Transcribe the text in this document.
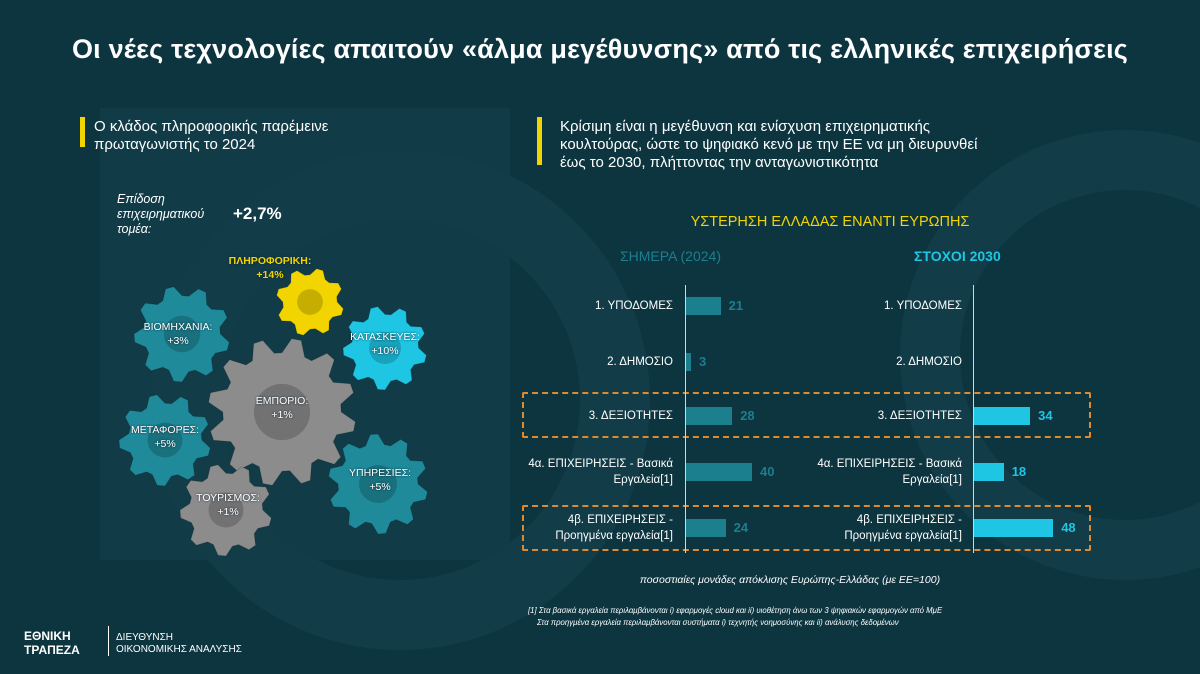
Οι νέες τεχνολογίες απαιτούν «άλμα μεγέθυνσης» από τις ελληνικές επιχειρήσεις
Ο κλάδος πληροφορικής παρέμεινε
πρωταγωνιστής το 2024
Κρίσιμη είναι η μεγέθυνση και ενίσχυση επιχειρηματικής
κουλτούρας, ώστε το ψηφιακό κενό με την ΕΕ να μη διευρυνθεί
έως το 2030, πλήττοντας την ανταγωνιστικότητα
Επίδοση
επιχειρηματικού
τομέα:
+2,7%
ΠΛΗΡΟΦΟΡΙΚΗ:
+14%
ΒΙΟΜΗΧΑΝΙΑ:
+3%	ΚΑΤΑΣΚΕΥΕΣ:
+10%
ΕΜΠΟΡΙΟ:
+1%
ΜΕΤΑΦΟΡΕΣ:
+5%
ΥΠΗΡΕΣΙΕΣ:
+5%
ΤΟΥΡΙΣΜΟΣ:
+1%
ΥΣΤΕΡΗΣΗ ΕΛΛΑΔΑΣ ΕΝΑΝΤΙ ΕΥΡΩΠΗΣ
ΣΗΜΕΡΑ (2024)	ΣΤΟΧΟΙ 2030
1. ΥΠΟΔΟΜΕΣ	21
2. ΔΗΜΟΣΙΟ 3
3. ΔΕΞΙΟΤΗΤΕΣ	28
4α. ΕΠΙΧΕΙΡΗΣΕΙΣ - Βασικά
Εργαλεία[1]
40
4β. ΕΠΙΧΕΙΡΗΣΕΙΣ -
Προηγμένα εργαλεία[1]
24
1. ΥΠΟΔΟΜΕΣ
2. ΔΗΜΟΣΙΟ
3. ΔΕΞΙΟΤΗΤΕΣ	34
4α. ΕΠΙΧΕΙΡΗΣΕΙΣ - Βασικά
Εργαλεία[1]
18
4β. ΕΠΙΧΕΙΡΗΣΕΙΣ -
Προηγμένα εργαλεία[1]
48
ποσοστιαίες μονάδες απόκλισης Ευρώπης-Ελλάδας (με ΕΕ=100)
[1] Στα βασικά εργαλεία περιλαμβάνονται i) εφαρμογές cloud και ii) υιοθέτηση άνω των 3 ψηφιακών εφαρμογών από ΜμΕ
Στα προηγμένα εργαλεία περιλαμβάνονται συστήματα i) τεχνητής νοημοσύνης και ii) ανάλυσης δεδομένων
ΕΘΝΙΚΗ
ΤΡΑΠΕΖΑ
ΔΙΕΥΘΥΝΣΗ
ΟΙΚΟΝΟΜΙΚΗΣ ΑΝΑΛΥΣΗΣ
